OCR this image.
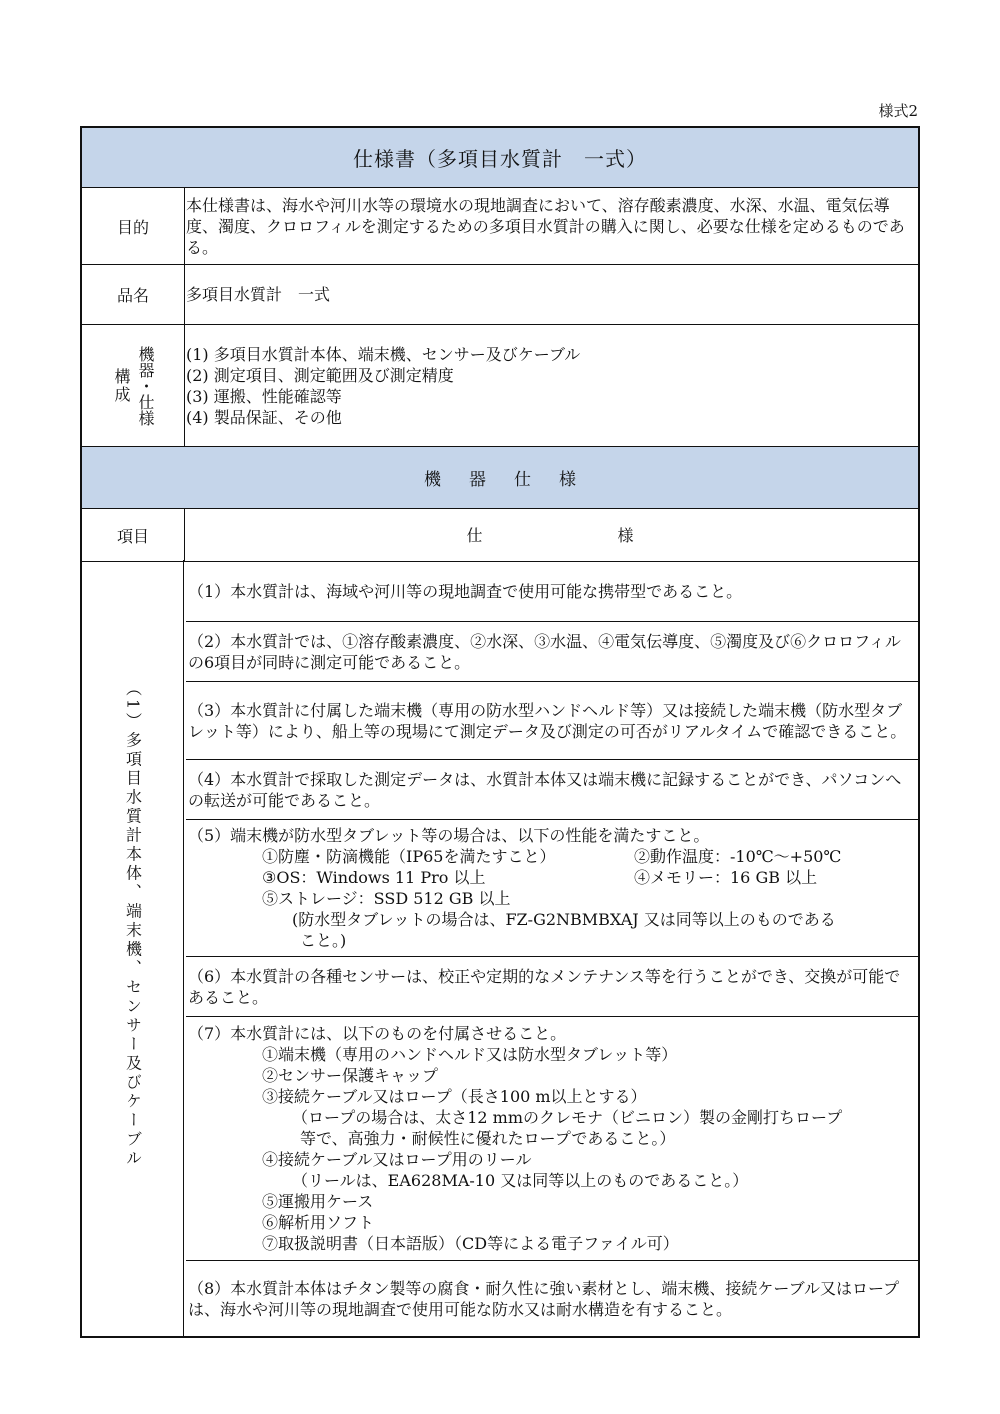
様式2
仕様書（多項目水質計　一式）
目的

本仕様書は、海水や河川水等の環境水の現地調査において、溶存酸素濃度、水深、水温、電気伝導度、濁度、クロロフィルを測定するための多項目水質計の購入に関し、必要な仕様を定めるものである。

品名	多項目水質計　一式

構成 機器・仕様 (1) 多項目水質計本体、端末機、センサー及びケーブル

(2) 測定項目、測定範囲及び測定精度

(3) 運搬、性能確認等

(4) 製品保証、その他

機器仕様
項目	仕様
（1）多項目水質計本体、端末機、センサー及びケーブル

（1）本水質計は、海域や河川等の現地調査で使用可能な携帯型であること。

（2）本水質計では、①溶存酸素濃度、②水深、③水温、④電気伝導度、⑤濁度及び⑥クロロフィルの6項目が同時に測定可能であること。

（3）本水質計に付属した端末機（専用の防水型ハンドヘルド等）又は接続した端末機（防水型タブレット等）により、船上等の現場にて測定データ及び測定の可否がリアルタイムで確認できること。

（4）本水質計で採取した測定データは、水質計本体又は端末機に記録することができ、パソコンへの転送が可能であること。

（5）端末機が防水型タブレット等の場合は、以下の性能を満たすこと。

①防塵・防滴機能（IP65を満たすこと）	②動作温度：-10℃～+50℃
③OS：Windows 11 Pro 以上	④メモリー：16 GB 以上

⑤ストレージ：SSD 512 GB 以上

(防水型タブレットの場合は、FZ-G2NBMBXAJ 又は同等以上のものである

こと。)

（6）本水質計の各種センサーは、校正や定期的なメンテナンス等を行うことができ、交換が可能であること。

（7）本水質計には、以下のものを付属させること。

①端末機（専用のハンドヘルド又は防水型タブレット等）

②センサー保護キャップ

③接続ケーブル又はロープ（長さ100 m以上とする）

（ロープの場合は、太さ12 mmのクレモナ（ビニロン）製の金剛打ちロープ

等で、高強力・耐候性に優れたロープであること。）

④接続ケーブル又はロープ用のリール

（リールは、EA628MA-10 又は同等以上のものであること。）

⑤運搬用ケース

⑥解析用ソフト

⑦取扱説明書（日本語版）（CD等による電子ファイル可）

（8）本水質計本体はチタン製等の腐食・耐久性に強い素材とし、端末機、接続ケーブル又はロープは、海水や河川等の現地調査で使用可能な防水又は耐水構造を有すること。
